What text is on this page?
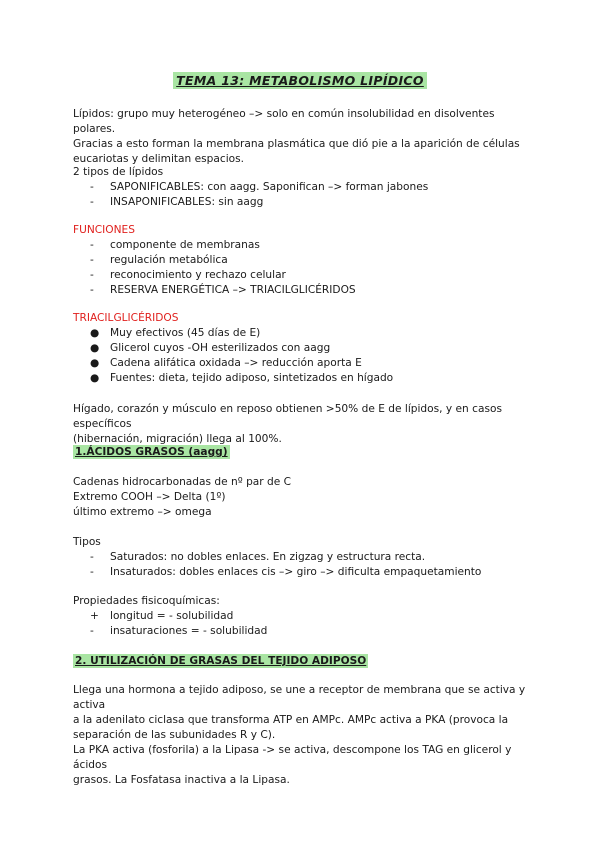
TEMA 13: METABOLISMO LIPÍDICO

Lípidos: grupo muy heterogéneo –> solo en común insolubilidad en disolventes polares.

Gracias a esto forman la membrana plasmática que dió pie a la aparición de células

eucariotas y delimitan espacios.

2 tipos de lípidos

-	SAPONIFICABLES: con aagg. Saponifican –> forman jabones
-	INSAPONIFICABLES: sin aagg

FUNCIONES

-	componente de membranas
-	regulación metabólica
-	reconocimiento y rechazo celular
-	RESERVA ENERGÉTICA –> TRIACILGLICÉRIDOS

TRIACILGLICÉRIDOS

●	Muy efectivos (45 días de E)
●	Glicerol cuyos -OH esterilizados con aagg
●	Cadena alifática oxidada –> reducción aporta E
●	Fuentes: dieta, tejido adiposo, sintetizados en hígado

Hígado, corazón y músculo en reposo obtienen >50% de E de lípidos, y en casos específicos

(hibernación, migración) llega al 100%.

1.ÁCIDOS GRASOS (aagg)

Cadenas hidrocarbonadas de nº par de C

Extremo COOH –> Delta (1º)

último extremo –> omega

Tipos

-	Saturados: no dobles enlaces. En zigzag y estructura recta.
-	Insaturados: dobles enlaces cis –> giro –> dificulta empaquetamiento

Propiedades fisicoquímicas:

+	longitud = - solubilidad
-	insaturaciones = - solubilidad
2. UTILIZACIÓN DE GRASAS DEL TEJIDO ADIPOSO

Llega una hormona a tejido adiposo, se une a receptor de membrana que se activa y activa

a la adenilato ciclasa que transforma ATP en AMPc. AMPc activa a PKA (provoca la

separación de las subunidades R y C).

La PKA activa (fosforila) a la Lipasa -> se activa, descompone los TAG en glicerol y ácidos

grasos. La Fosfatasa inactiva a la Lipasa.
